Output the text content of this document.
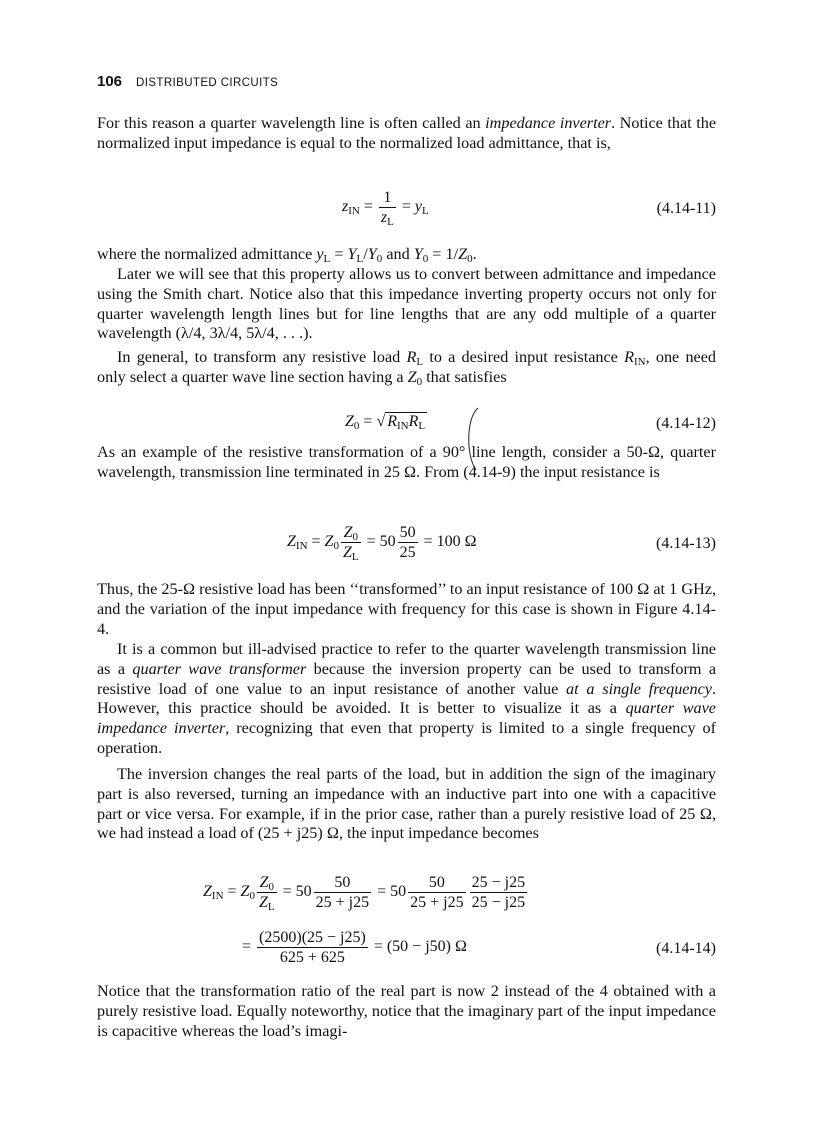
106 DISTRIBUTED CIRCUITS

For this reason a quarter wavelength line is often called an impedance inverter. Notice that the normalized input impedance is equal to the normalized load admittance, that is,

$z_{IN} = \frac{1}{z_L} = y_L$	(4.14-11)

where the normalized admittance $y_L = Y_L/Y_0$ and $Y_0 = 1/Z_0$.

Later we will see that this property allows us to convert between admittance and impedance using the Smith chart. Notice also that this impedance inverting property occurs not only for quarter wavelength length lines but for line lengths that are any odd multiple of a quarter wavelength (λ/4, 3λ/4, 5λ/4, . . .).

In general, to transform any resistive load $R_L$ to a desired input resistance $R_{IN}$, one need only select a quarter wave line section having a $Z_0$ that satisfies

$Z_0$ = √ $R_{IN}R_L$	(4.14-12)

As an example of the resistive transformation of a 90° line length, consider a 50-Ω, quarter wavelength, transmission line terminated in 25 Ω. From (4.14-9) the input resistance is

$Z_{IN} = Z_0 \frac{Z_0}{Z_L} = 50 \frac{50}{25} = 100$ Ω	(4.14-13)

Thus, the 25-Ω resistive load has been ‘‘transformed’’ to an input resistance of 100 Ω at 1 GHz, and the variation of the input impedance with frequency for this case is shown in Figure 4.14-4.

It is a common but ill-advised practice to refer to the quarter wavelength transmission line as a quarter wave transformer because the inversion property can be used to transform a resistive load of one value to an input resistance of another value at a single frequency. However, this practice should be avoided. It is better to visualize it as a quarter wave impedance inverter, recognizing that even that property is limited to a single frequency of operation.

The inversion changes the real parts of the load, but in addition the sign of the imaginary part is also reversed, turning an impedance with an inductive part into one with a capacitive part or vice versa. For example, if in the prior case, rather than a purely resistive load of 25 Ω, we had instead a load of (25 + j25) Ω, the input impedance becomes

$Z_{IN} = Z_0 \frac{Z_0}{Z_L} = 50 \frac{50}{25 + j25} = 50 \frac{50}{25 + j25} \frac{25 - j25}{25 - j25}$
= $\frac{(2500)(25 - j25)}{625 + 625} = (50 - j50)$ Ω	(4.14-14)

Notice that the transformation ratio of the real part is now 2 instead of the 4 obtained with a purely resistive load. Equally noteworthy, notice that the imaginary part of the input impedance is capacitive whereas the load’s imagi-
